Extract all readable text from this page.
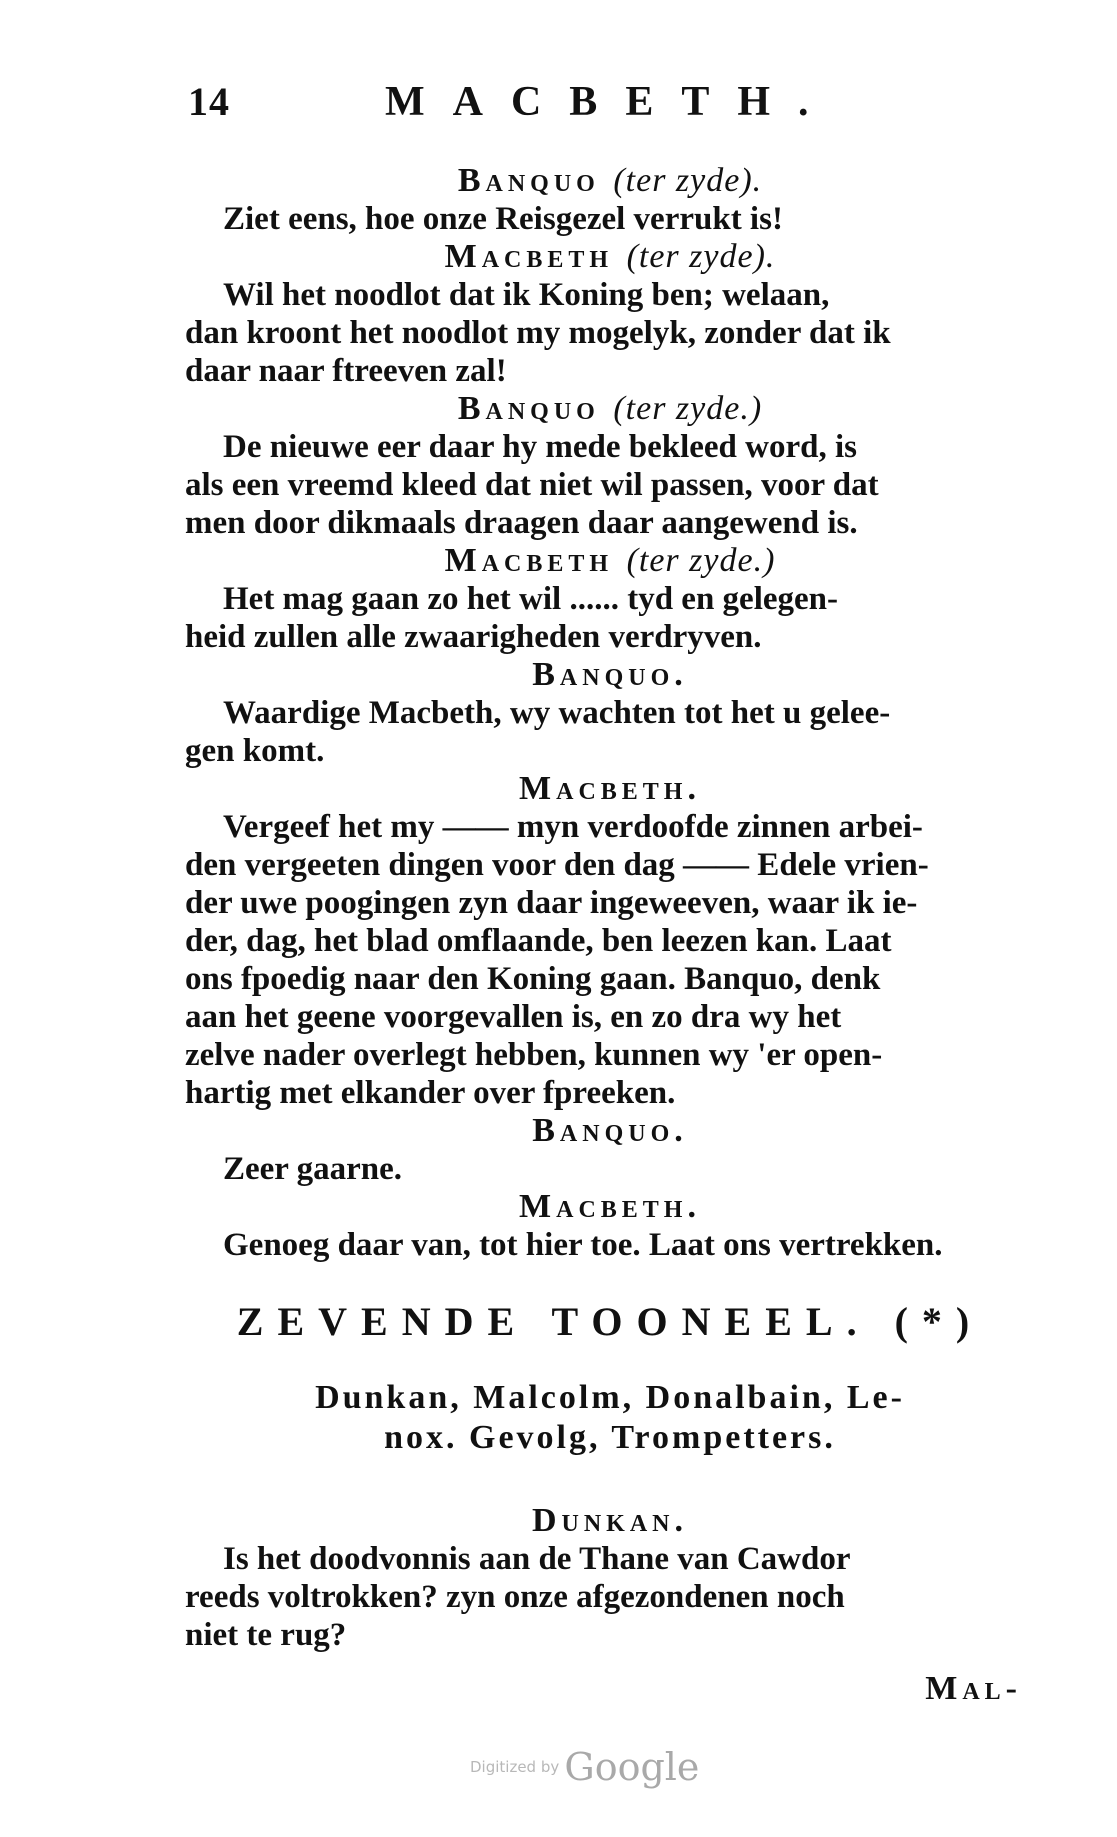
14	MACBETH.
Banquo (ter zyde).
Ziet eens, hoe onze Reisgezel verrukt is!
Macbeth (ter zyde).
Wil het noodlot dat ik Koning ben; welaan,
dan kroont het noodlot my mogelyk, zonder dat ik
daar naar ftreeven zal!
Banquo (ter zyde.)
De nieuwe eer daar hy mede bekleed word, is
als een vreemd kleed dat niet wil passen, voor dat
men door dikmaals draagen daar aangewend is.
Macbeth (ter zyde.)
Het mag gaan zo het wil ...... tyd en gelegen-
heid zullen alle zwaarigheden verdryven.
Banquo.
Waardige Macbeth, wy wachten tot het u gelee-
gen komt.
Macbeth.
Vergeef het my —— myn verdoofde zinnen arbei-
den vergeeten dingen voor den dag —— Edele vrien-
der uwe poogingen zyn daar ingeweeven, waar ik ie-
der, dag, het blad omflaande, ben leezen kan. Laat
ons fpoedig naar den Koning gaan. Banquo, denk
aan het geene voorgevallen is, en zo dra wy het
zelve nader overlegt hebben, kunnen wy 'er open-
hartig met elkander over fpreeken.
Banquo.
Zeer gaarne.
Macbeth.
Genoeg daar van, tot hier toe. Laat ons vertrekken.
ZEVENDE TOONEEL. (*)
Dunkan, Malcolm, Donalbain, Le-
nox. Gevolg, Trompetters.
Dunkan.
Is het doodvonnis aan de Thane van Cawdor
reeds voltrokken? zyn onze afgezondenen noch
niet te rug?
Mal-
Digitized by Google
